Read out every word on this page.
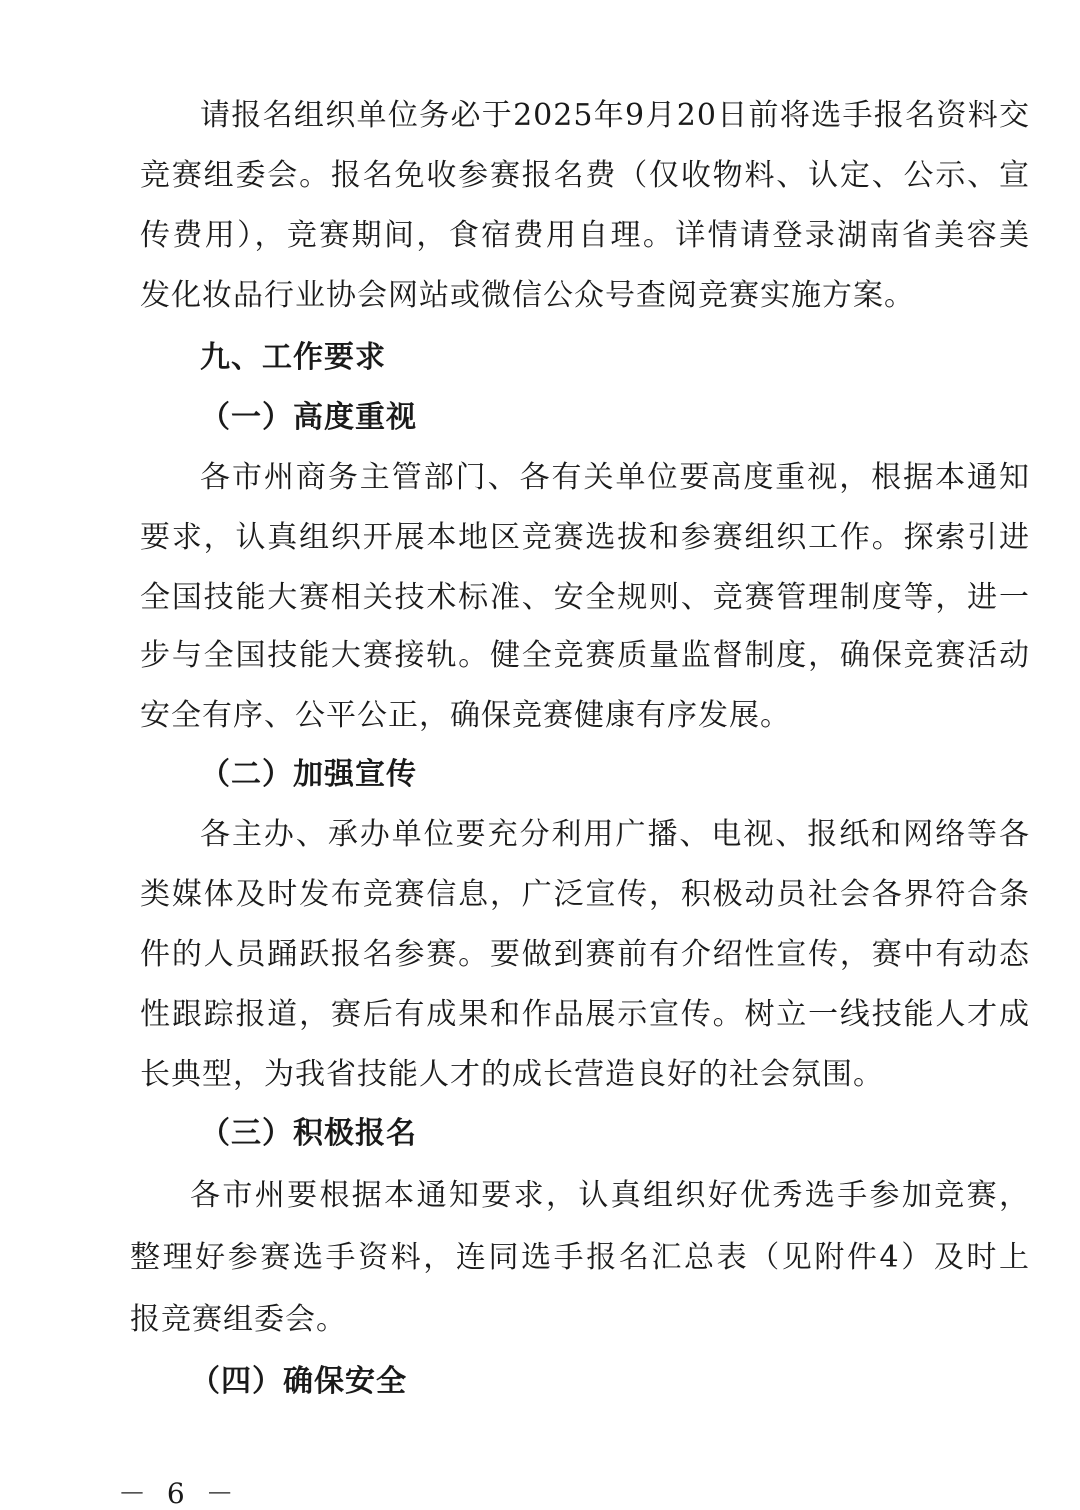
请报名组织单位务必于2025年9月20日前将选手报名资料交

竞赛组委会。报名免收参赛报名费（仅收物料、认定、公示、宣

传费用），竞赛期间，食宿费用自理。详情请登录湖南省美容美

发化妆品行业协会网站或微信公众号查阅竞赛实施方案。

九、工作要求
（一）高度重视

各市州商务主管部门、各有关单位要高度重视，根据本通知

要求，认真组织开展本地区竞赛选拔和参赛组织工作。探索引进

全国技能大赛相关技术标准、安全规则、竞赛管理制度等，进一

步与全国技能大赛接轨。健全竞赛质量监督制度，确保竞赛活动

安全有序、公平公正，确保竞赛健康有序发展。

（二）加强宣传

各主办、承办单位要充分利用广播、电视、报纸和网络等各

类媒体及时发布竞赛信息，广泛宣传，积极动员社会各界符合条

件的人员踊跃报名参赛。要做到赛前有介绍性宣传，赛中有动态

性跟踪报道，赛后有成果和作品展示宣传。树立一线技能人才成

长典型，为我省技能人才的成长营造良好的社会氛围。

（三）积极报名

各市州要根据本通知要求，认真组织好优秀选手参加竞赛，

整理好参赛选手资料，连同选手报名汇总表（见附件4）及时上

报竞赛组委会。

（四）确保安全
－ 6 －
